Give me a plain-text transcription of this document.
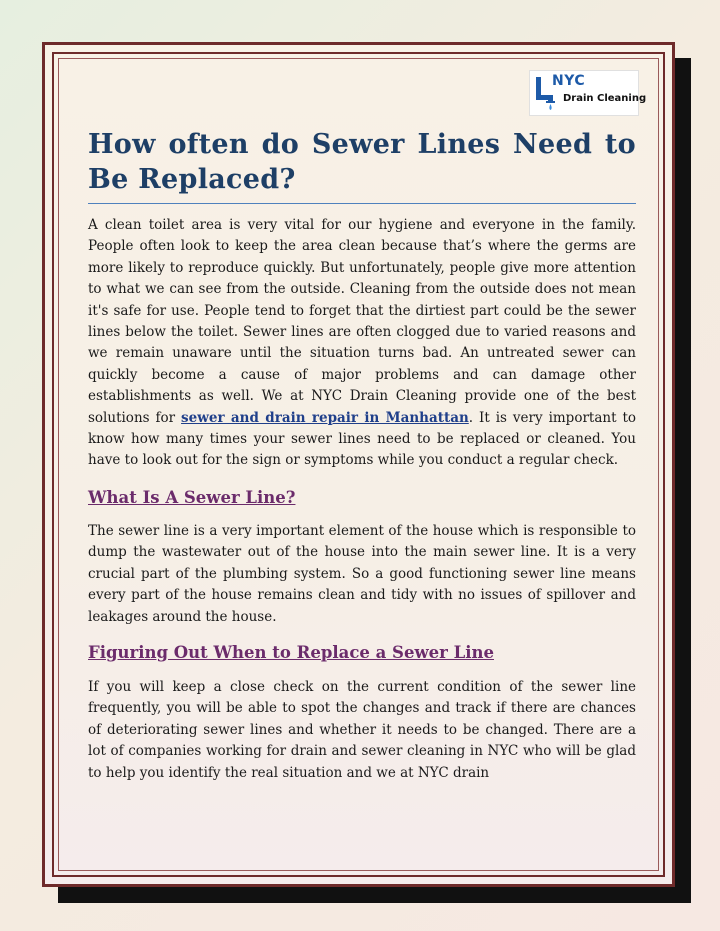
NYC
Drain Cleaning
How often do Sewer Lines Need to Be Replaced?

A clean toilet area is very vital for our hygiene and everyone in the family. People often look to keep the area clean because that’s where the germs are more likely to reproduce quickly. But unfortunately, people give more attention to what we can see from the outside. Cleaning from the outside does not mean it's safe for use. People tend to forget that the dirtiest part could be the sewer lines below the toilet. Sewer lines are often clogged due to varied reasons and we remain unaware until the situation turns bad. An untreated sewer can quickly become a cause of major problems and can damage other establishments as well. We at NYC Drain Cleaning provide one of the best solutions for sewer and drain repair in Manhattan. It is very important to know how many times your sewer lines need to be replaced or cleaned. You have to look out for the sign or symptoms while you conduct a regular check.

What Is A Sewer Line?

The sewer line is a very important element of the house which is responsible to dump the wastewater out of the house into the main sewer line. It is a very crucial part of the plumbing system. So a good functioning sewer line means every part of the house remains clean and tidy with no issues of spillover and leakages around the house.

Figuring Out When to Replace a Sewer Line

If you will keep a close check on the current condition of the sewer line frequently, you will be able to spot the changes and track if there are chances of deteriorating sewer lines and whether it needs to be changed. There are a lot of companies working for drain and sewer cleaning in NYC who will be glad to help you identify the real situation and we at NYC drain
